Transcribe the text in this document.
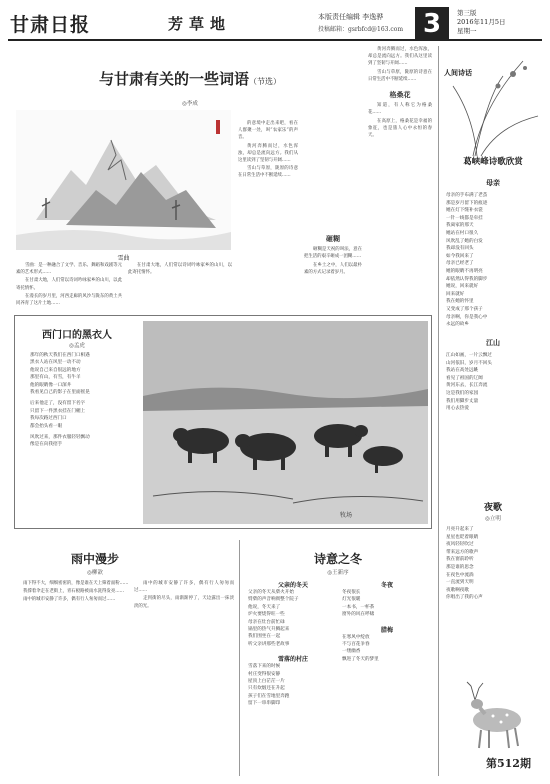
甘肃日报	芳草地	本版责任编辑 李逸骅
投稿邮箱：gsrbfcd@163.com 3	第三版
2016年11月5日
星期一
与甘肃有关的一些词语（节选）
◎李成
雪曲

雪曲：是一种融合了文学、音乐、舞蹈和戏剧等元素的艺术形式……

在甘肃大地，人们常以诗词吟咏家乡的山川，以此寄托情怀。

在漫长的岁月里，河西走廊的风沙与陇东的黄土共同养育了这片土地……

在甘肃大地，人们常以诗词吟咏家乡的山川，以此寄托情怀。

的意境中走出来吧，看在人群聚一处，叫“农家乐”的声音。

黄河奔腾而过，水色浑浊，却总是流向远方。我们从这里读到了坚韧与开阔……

雪山与草原，陇原的诗意在日常生活中不断延续……

砸糊

砸糊是天祝的叫法，意在把生活的艰辛砸成一团糊……

在乡土之中，人们以最朴素的方式记录着岁月。

黄河奔腾而过，水色浑浊，却总是流向远方。我们从这里读到了坚韧与开阔……

雪山与草原，陇原的诗意在日常生活中不断延续……

格桑花

知道，有人称它为格桑花……

在高原上，格桑花是幸福的象征，也是旅人心中永恒的春天。

西门口的黑衣人
◎孟虎
那年的秋天我们在西门口相遇
黑衣人站在风里一动不动
他说自己来自很远的地方
那里有山，有雪，有牛羊
他的眼睛像一口深井
我看见自己的影子在里面摇晃
后来他走了，没有留下名字
只留下一件黑衣挂在门楣上
我每次路过西门口
都会抬头看一眼
风吹过来，那件衣服轻轻飘动
像是在向我招手
牧场
雨中漫步
◎柳歆

雨下得不大，细细密密的，像是谁在天上筛着面粉……

我撑着伞走在老街上，青石板路被雨水洗得发亮……

雨中的城市安静了许多，偶有行人匆匆而过……

雨中的城市安静了许多，偶有行人匆匆而过……

走到街的尽头，雨渐渐停了，天边露出一抹淡淡的光。

诗意之冬
◎王新序
父亲的冬天
父亲的冬天从柴火开始
劈柴的声音响彻整个院子
他说，冬天来了
炉火要烧得旺一些
母亲在灶台前忙碌
锅里的热气升腾起来
我们围坐在一起
听父亲讲那些老故事
雪落的村庄
雪落下来的时候
村庄变得很安静
屋顶上白茫茫一片
只有炊烟还在升起
孩子们在雪地里奔跑
留下一串串脚印
冬夜
冬夜很长
灯光很暖
一本书，一杯茶
窗外的风在呼啸
腊梅
在寒风中绽放
不与百花争春
一缕幽香
飘进了冬天的梦里
人间诗话
葛峡峰诗歌欣赏
母亲
母亲的手布满了老茧
那是岁月留下的痕迹
她在灯下缝补衣裳
一针一线都是牵挂
我离家的那天
她站在村口很久
风吹乱了她的白发
我却没有回头
如今我回来了
母亲已经老了
她的眼睛不再明亮
却依然认得我的脚步
她说，回来就好
回来就好
我在她的怀里
又变成了那个孩子
母亲啊，你是我心中
永远的故乡
江山
江山如画，一片云飘过
山河依旧，岁月不回头
我站在高处远眺
看见了祖国的辽阔
黄河东去，长江奔流
这是我们的家园
我们用脚步丈量
用心去热爱
夜歌
◎立明
月亮升起来了
星星也眨着眼睛
夜风轻轻吹过
带来远方的歌声
我在窗前聆听
那是谁的思念
在夜色中流淌
一直流到天明
夜歌啊夜歌
你唱出了我的心声
第512期
